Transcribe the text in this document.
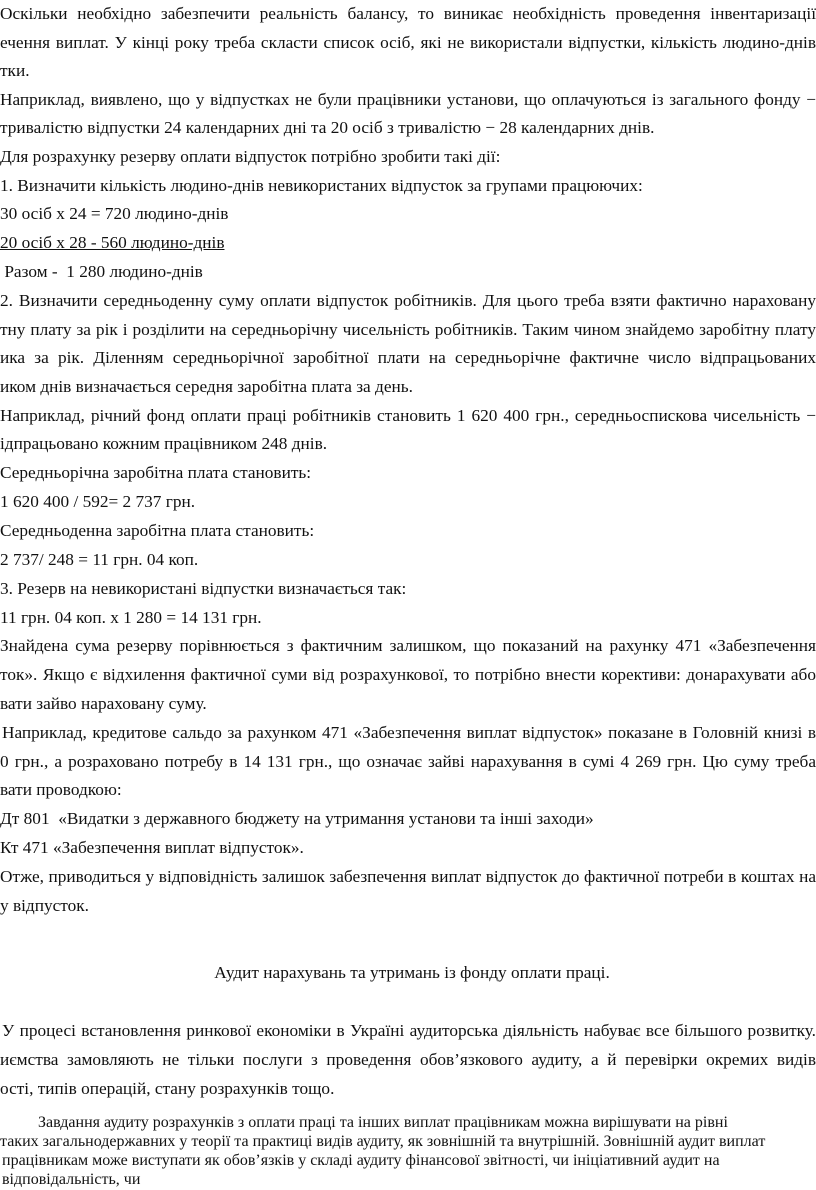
Оскільки необхідно забезпечити реальність балансу, то виникає необхідність проведення інвентаризації
ечення виплат. У кінці року треба скласти список осіб, які не використали відпустки, кількість людино-днів
тки.
Наприклад, виявлено, що у відпустках не були працівники установи, що оплачуються із загального фонду −
тривалістю відпустки 24 календарних дні та 20 осіб з тривалістю − 28 календарних днів.
Для розрахунку резерву оплати відпусток потрібно зробити такі дії:
1. Визначити кількість людино-днів невикористаних відпусток за групами працюючих:
30 осіб х 24 = 720 людино-днів
20 осіб х 28 - 560 людино-днів
Разом -  1 280 людино-днів
2. Визначити середньоденну суму оплати відпусток робітників. Для цього треба взяти фактично нараховану
тну плату за рік і розділити на середньорічну чисельність робітників. Таким чином знайдемо заробітну плату
ика за рік. Діленням середньорічної заробітної плати на середньорічне фактичне число відпрацьованих
иком днів визначається середня заробітна плата за день.
Наприклад, річний фонд оплати праці робітників становить 1 620 400 грн., середньоспискова чисельність −
ідпрацьовано кожним працівником 248 днів.
Середньорічна заробітна плата становить:
1 620 400 / 592= 2 737 грн.
Середньоденна заробітна плата становить:
2 737/ 248 = 11 грн. 04 коп.
3. Резерв на невикористані відпустки визначається так:
11 грн. 04 коп. х 1 280 = 14 131 грн.
Знайдена сума резерву порівнюється з фактичним залишком, що показаний на рахунку 471 «Забезпечення
ток». Якщо є відхилення фактичної суми від розрахункової, то потрібно внести корективи: донарахувати або
вати зайво нараховану суму.
Наприклад, кредитове сальдо за рахунком 471 «Забезпечення виплат відпусток» показане в Головній книзі в
0 грн., а розраховано потребу в 14 131 грн., що означає зайві нарахування в сумі 4 269 грн. Цю суму треба
вати проводкою:
Дт 801  «Видатки з державного бюджету на утримання установи та інші заходи»
Кт 471 «Забезпечення виплат відпусток».
Отже, приводиться у відповідність залишок забезпечення виплат відпусток до фактичної потреби в коштах на
у відпусток.
Аудит нарахувань та утримань із фонду оплати праці.
У процесі встановлення ринкової економіки в Україні аудиторська діяльність набуває все більшого розвитку.
иємства замовляють не тільки послуги з проведення обов’язкового аудиту, а й перевірки окремих видів
ості, типів операцій, стану розрахунків тощо.
Завдання аудиту розрахунків з оплати праці та інших виплат працівникам можна вирішувати на рівні
таких загальнодержавних у теорії та практиці видів аудиту, як зовнішній та внутрішній. Зовнішній аудит виплат
працівникам може виступати як обов’язків у складі аудиту фінансової звітності, чи ініціативний аудит на
відповідальність, чи
